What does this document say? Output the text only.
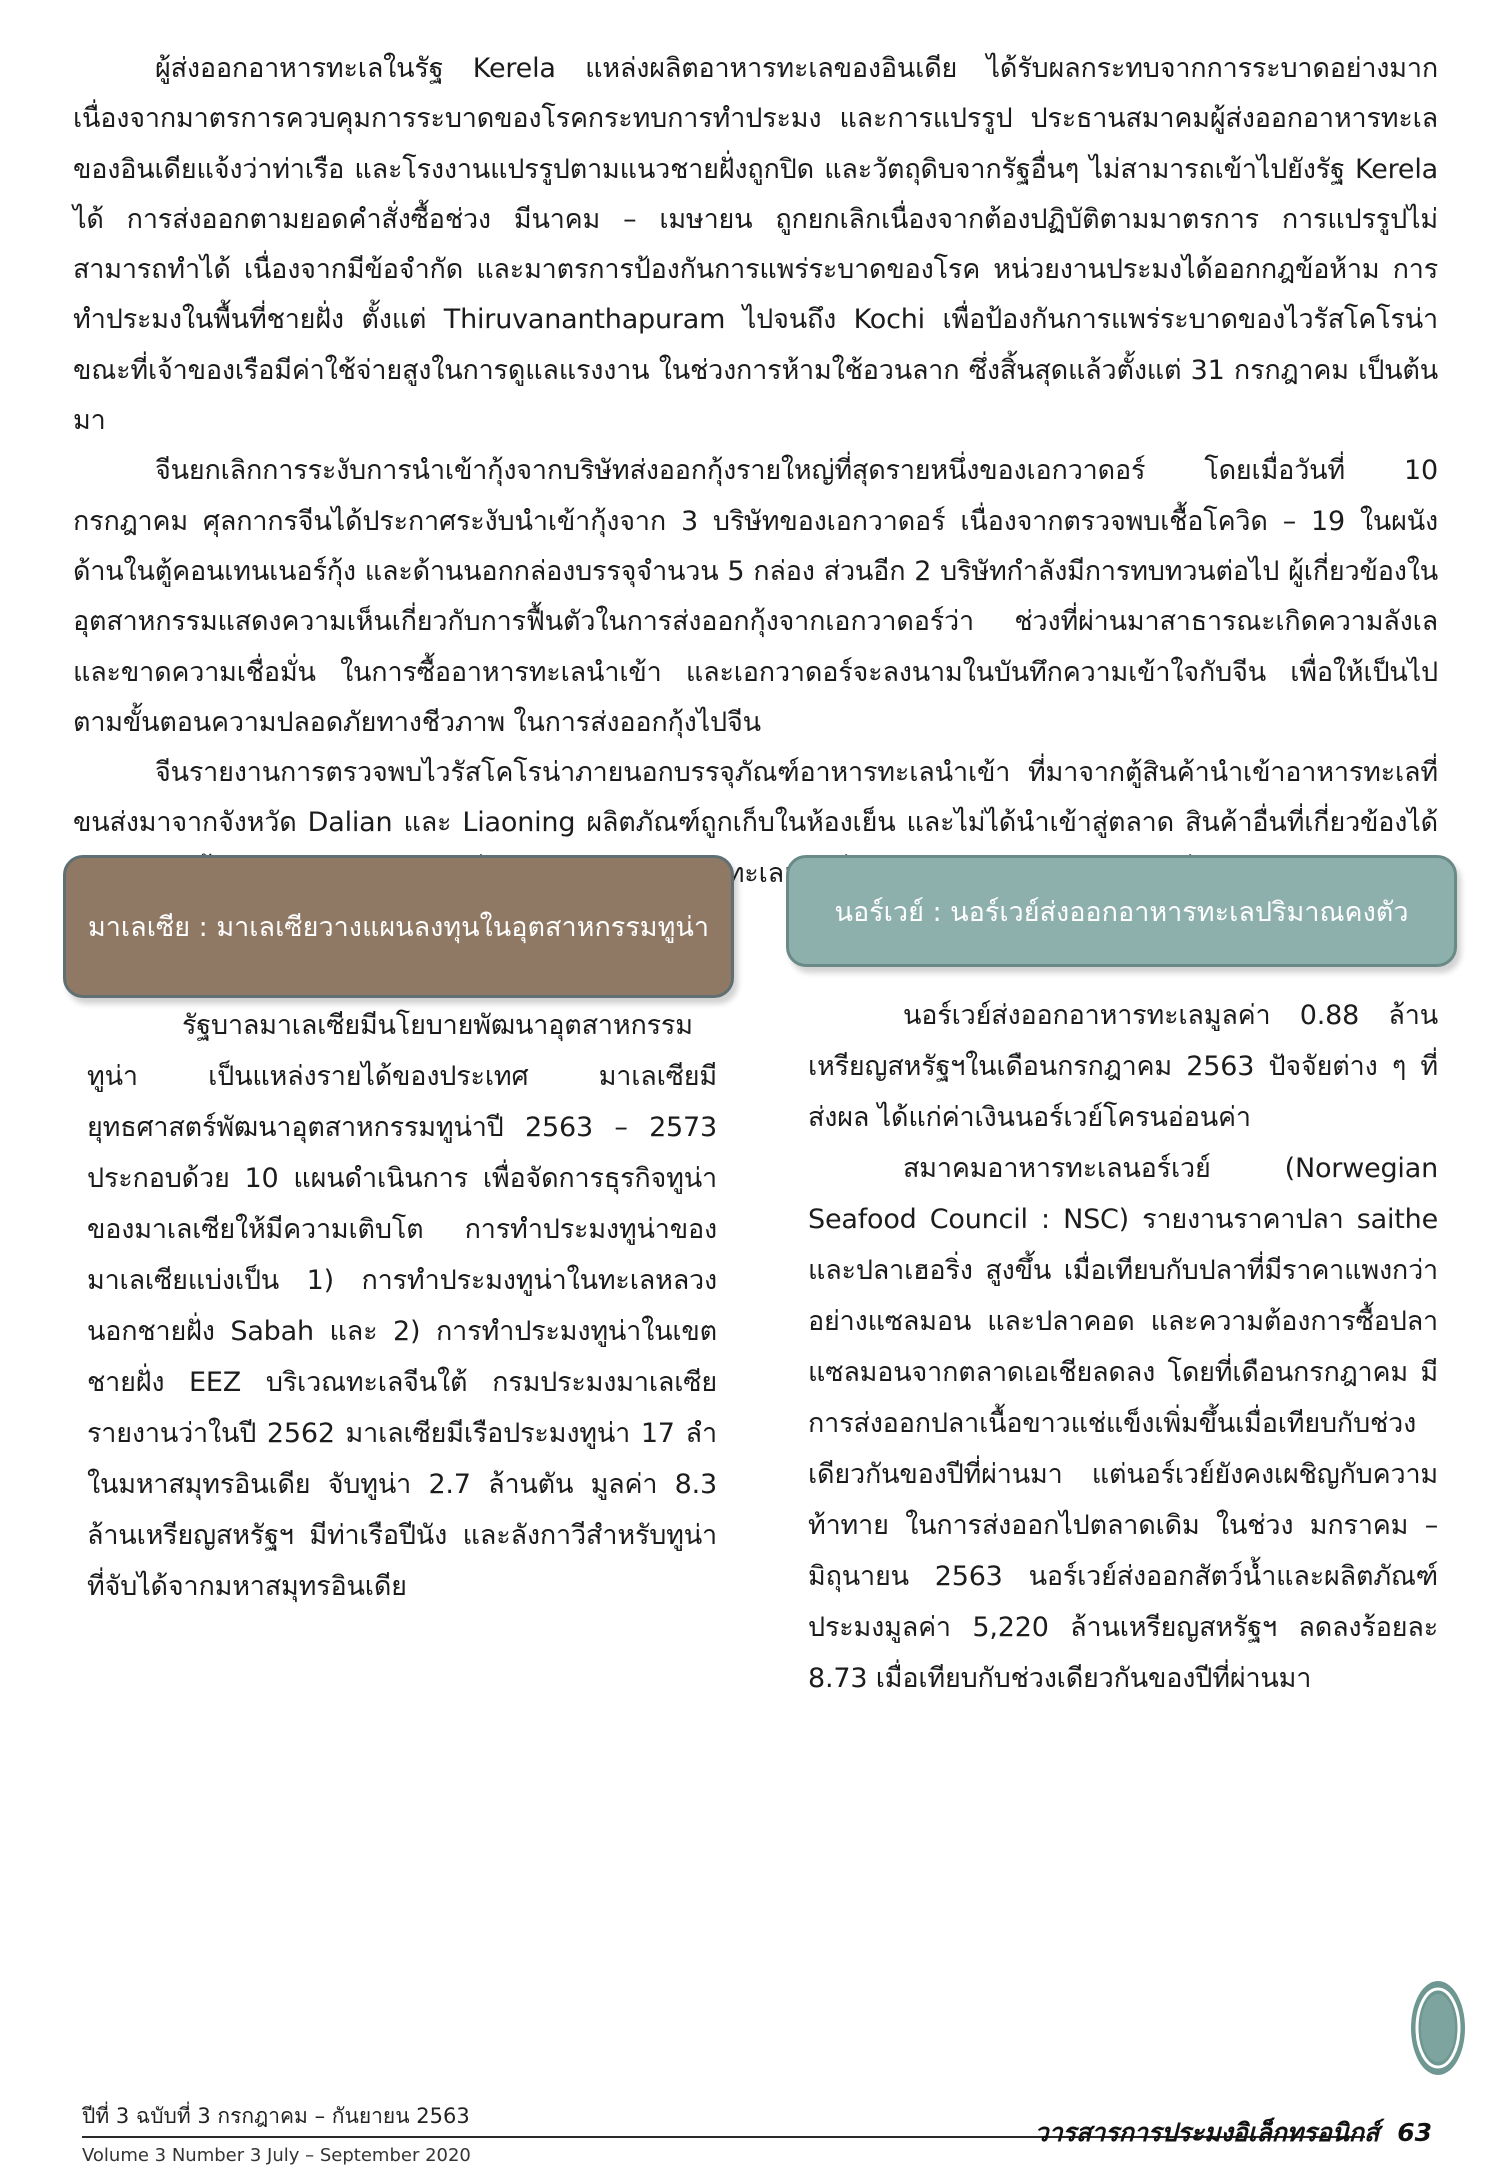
ผู้ส่งออกอาหารทะเลในรัฐ Kerela แหล่งผลิตอาหารทะเลของอินเดีย ได้รับผลกระทบจากการระบาดอย่างมาก เนื่องจากมาตรการควบคุมการระบาดของโรคกระทบการทำประมง และการแปรรูป ประธานสมาคมผู้ส่งออกอาหารทะเลของอินเดียแจ้งว่าท่าเรือ และโรงงานแปรรูปตามแนวชายฝั่งถูกปิด และวัตถุดิบจากรัฐอื่นๆ ไม่สามารถเข้าไปยังรัฐ Kerela ได้ การส่งออกตามยอดคำสั่งซื้อช่วง มีนาคม – เมษายน ถูกยกเลิกเนื่องจากต้องปฏิบัติตามมาตรการ การแปรรูปไม่สามารถทำได้ เนื่องจากมีข้อจำกัด และมาตรการป้องกันการแพร่ระบาดของโรค หน่วยงานประมงได้ออกกฎข้อห้าม การทำประมงในพื้นที่ชายฝั่ง ตั้งแต่ Thiruvananthapuram ไปจนถึง Kochi เพื่อป้องกันการแพร่ระบาดของไวรัสโคโรน่า ขณะที่เจ้าของเรือมีค่าใช้จ่ายสูงในการดูแลแรงงาน ในช่วงการห้ามใช้อวนลาก ซึ่งสิ้นสุดแล้วตั้งแต่ 31 กรกฎาคม เป็นต้นมา

จีนยกเลิกการระงับการนำเข้ากุ้งจากบริษัทส่งออกกุ้งรายใหญ่ที่สุดรายหนึ่งของเอกวาดอร์ โดยเมื่อวันที่ 10 กรกฎาคม ศุลกากรจีนได้ประกาศระงับนำเข้ากุ้งจาก 3 บริษัทของเอกวาดอร์ เนื่องจากตรวจพบเชื้อโควิด – 19 ในผนังด้านในตู้คอนเทนเนอร์กุ้ง และด้านนอกกล่องบรรจุจำนวน 5 กล่อง ส่วนอีก 2 บริษัทกำลังมีการทบทวนต่อไป ผู้เกี่ยวข้องในอุตสาหกรรมแสดงความเห็นเกี่ยวกับการฟื้นตัวในการส่งออกกุ้งจากเอกวาดอร์ว่า ช่วงที่ผ่านมาสาธารณะเกิดความลังเลและขาดความเชื่อมั่น ในการซื้ออาหารทะเลนำเข้า และเอกวาดอร์จะลงนามในบันทึกความเข้าใจกับจีน เพื่อให้เป็นไปตามขั้นตอนความปลอดภัยทางชีวภาพ ในการส่งออกกุ้งไปจีน

จีนรายงานการตรวจพบไวรัสโคโรน่าภายนอกบรรจุภัณฑ์อาหารทะเลนำเข้า ที่มาจากตู้สินค้านำเข้าอาหารทะเลที่ขนส่งมาจากจังหวัด Dalian และ Liaoning ผลิตภัณฑ์ถูกเก็บในห้องเย็น และไม่ได้นำเข้าสู่ตลาด สินค้าอื่นที่เกี่ยวข้องได้ แต่ยังคงมีตรวจสอบเกี่ยวกับชนิดของอาหารทะเลและที่มาจากเรือขนส่งต่างประเทศเกี่ยวข้องด้วย

มาเลเซีย : มาเลเซียวางแผนลงทุนในอุตสาหกรรมทูน่า	นอร์เวย์ : นอร์เวย์ส่งออกอาหารทะเลปริมาณคงตัว

รัฐบาลมาเลเซียมีนโยบายพัฒนาอุตสาหกรรมทูน่า เป็นแหล่งรายได้ของประเทศ มาเลเซียมียุทธศาสตร์พัฒนาอุตสาหกรรมทูน่าปี 2563 – 2573 ประกอบด้วย 10 แผนดำเนินการ เพื่อจัดการธุรกิจทูน่าของมาเลเซียให้มีความเติบโต การทำประมงทูน่าของมาเลเซียแบ่งเป็น 1) การทำประมงทูน่าในทะเลหลวง นอกชายฝั่ง Sabah และ 2) การทำประมงทูน่าในเขตชายฝั่ง EEZ บริเวณทะเลจีนใต้ กรมประมงมาเลเซีย รายงานว่าในปี 2562 มาเลเซียมีเรือประมงทูน่า 17 ลำ ในมหาสมุทรอินเดีย จับทูน่า 2.7 ล้านตัน มูลค่า 8.3 ล้านเหรียญสหรัฐฯ มีท่าเรือปีนัง และลังกาวีสำหรับทูน่าที่จับได้จากมหาสมุทรอินเดีย

นอร์เวย์ส่งออกอาหารทะเลมูลค่า 0.88 ล้านเหรียญสหรัฐฯในเดือนกรกฎาคม 2563 ปัจจัยต่าง ๆ ที่ส่งผล ได้แก่ค่าเงินนอร์เวย์โครนอ่อนค่า

สมาคมอาหารทะเลนอร์เวย์ (Norwegian Seafood Council : NSC) รายงานราคาปลา saithe และปลาเฮอริ่ง สูงขึ้น เมื่อเทียบกับปลาที่มีราคาแพงกว่าอย่างแซลมอน และปลาคอด และความต้องการซื้อปลาแซลมอนจากตลาดเอเชียลดลง โดยที่เดือนกรกฎาคม มีการส่งออกปลาเนื้อขาวแช่แข็งเพิ่มขึ้นเมื่อเทียบกับช่วงเดียวกันของปีที่ผ่านมา แต่นอร์เวย์ยังคงเผชิญกับความท้าทาย ในการส่งออกไปตลาดเดิม ในช่วง มกราคม – มิถุนายน 2563 นอร์เวย์ส่งออกสัตว์น้ำและผลิตภัณฑ์ประมงมูลค่า 5,220 ล้านเหรียญสหรัฐฯ ลดลงร้อยละ 8.73 เมื่อเทียบกับช่วงเดียวกันของปีที่ผ่านมา

ปีที่ 3 ฉบับที่ 3 กรกฎาคม – กันยายน 2563
Volume 3 Number 3 July – September 2020
วารสารการประมงอิเล็กทรอนิกส์ 63
